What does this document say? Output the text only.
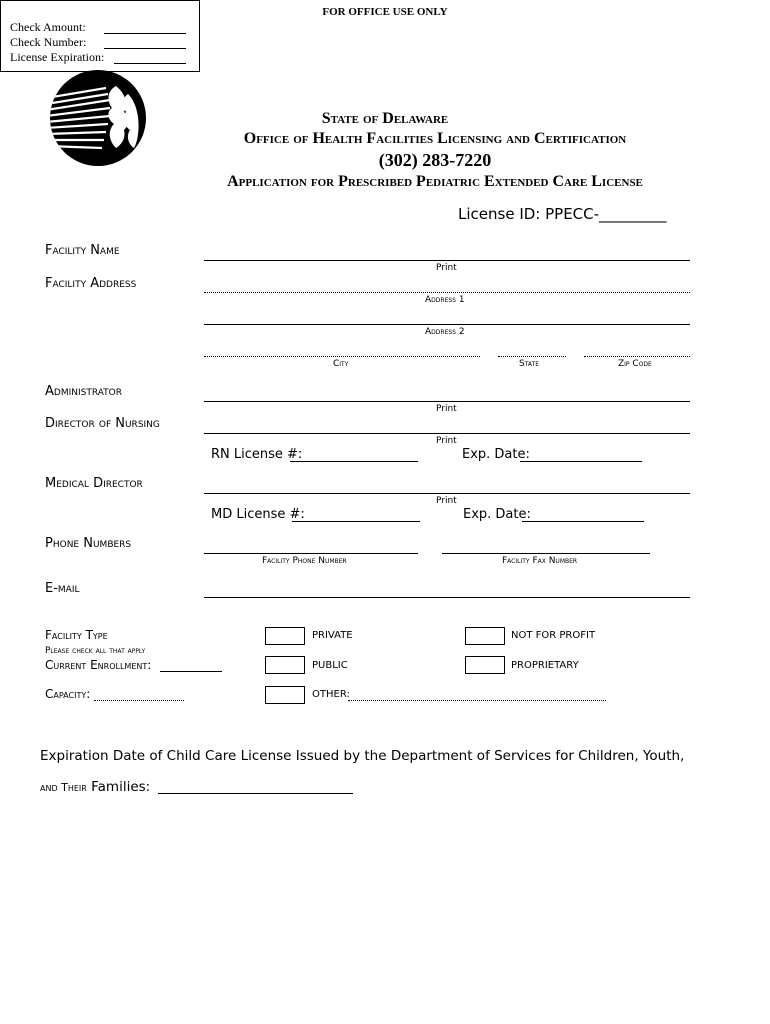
FOR OFFICE USE ONLY
Check Amount:
Check Number:
License Expiration:
State of Delaware
Office of Health Facilities Licensing and Certification
(302) 283-7220
Application for Prescribed Pediatric Extended Care License
License ID: PPECC-_________
Facility Name
Print
Facility Address
Address 1
Address 2
City	State	Zip Code
Administrator
Print
Director of Nursing
Print
RN License #:	Exp. Date:
Medical Director
Print
MD License #:	Exp. Date:
Phone Numbers
Facility Phone Number	Facility Fax Number
E-mail
Facility Type
Please check all that apply
Current Enrollment:
Capacity:
PRIVATE	NOT FOR PROFIT
PUBLIC	PROPRIETARY
OTHER:
Expiration Date of Child Care License Issued by the Department of Services for Children, Youth,
and Their Families:
